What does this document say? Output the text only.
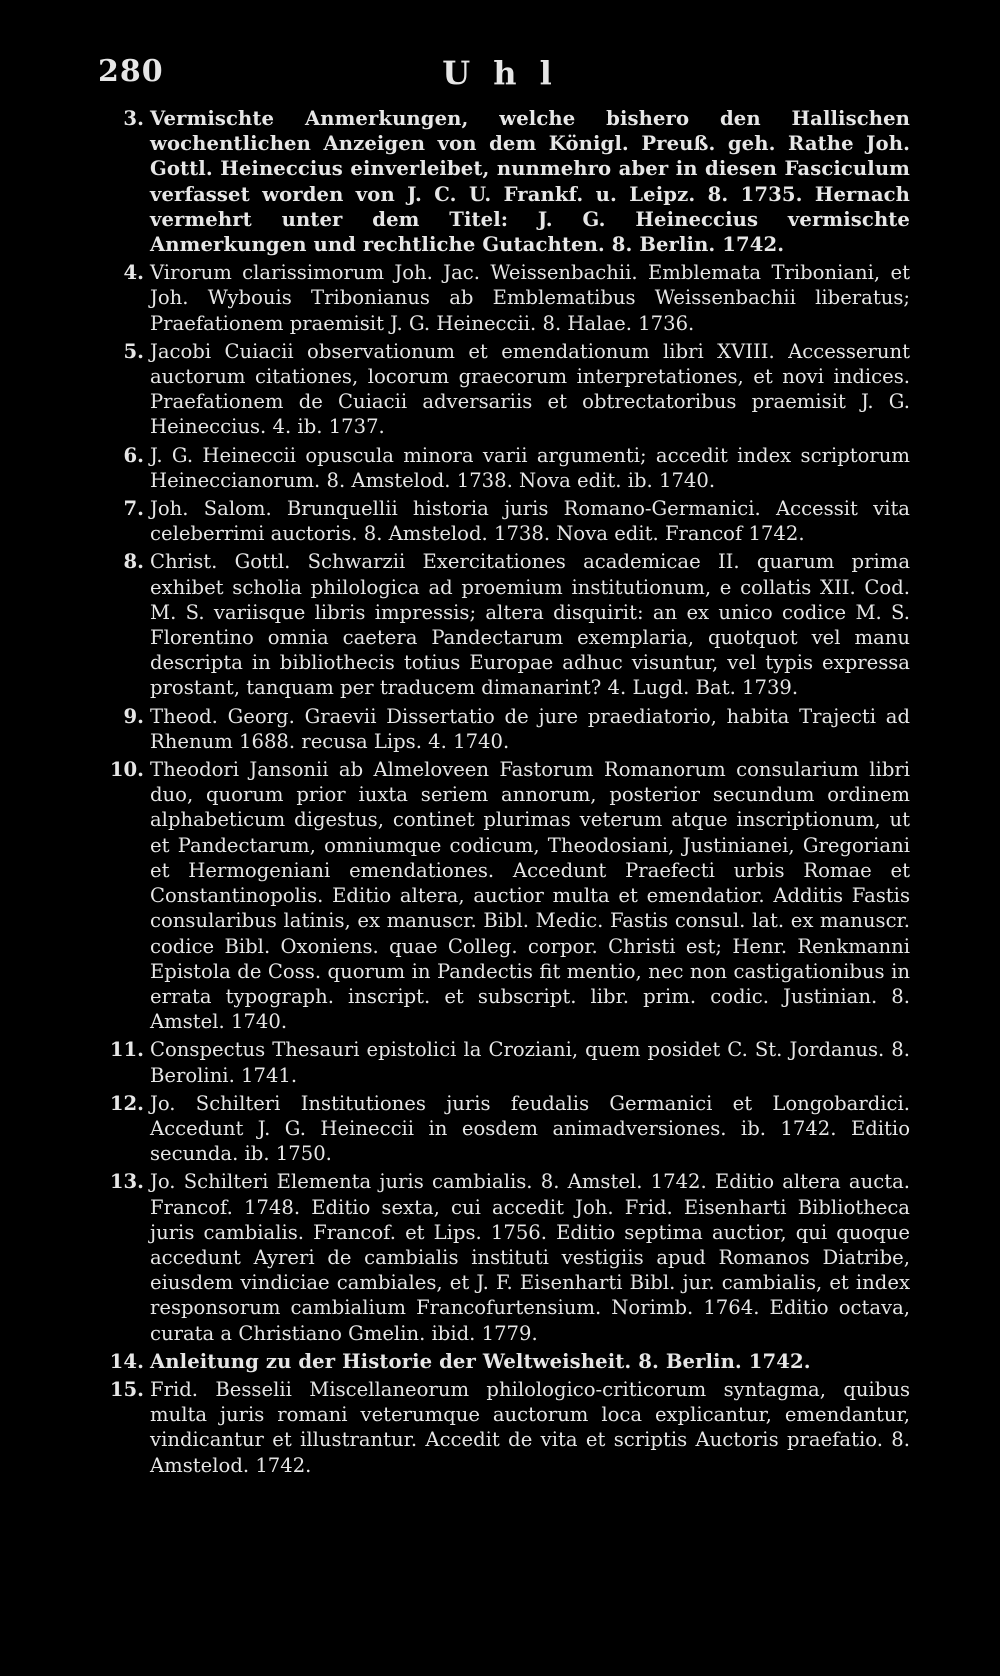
280	U h l
3. Vermischte Anmerkungen, welche bishero den Hallischen wochentlichen Anzeigen von dem Königl. Preuß. geh. Rathe Joh. Gottl. Heineccius einverleibet, nunmehro aber in diesen Fasciculum verfasset worden von J. C. U. Frankf. u. Leipz. 8. 1735. Hernach vermehrt unter dem Titel: J. G. Heineccius vermischte Anmerkungen und rechtliche Gutachten. 8. Berlin. 1742.
4. Virorum clarissimorum Joh. Jac. Weissenbachii. Emblemata Triboniani, et Joh. Wybouis Tribonianus ab Emblematibus Weissenbachii liberatus; Praefationem praemisit J. G. Heineccii. 8. Halae. 1736.
5. Jacobi Cuiacii observationum et emendationum libri XVIII. Accesserunt auctorum citationes, locorum graecorum interpretationes, et novi indices. Praefationem de Cuiacii adversariis et obtrectatoribus praemisit J. G. Heineccius. 4. ib. 1737.
6. J. G. Heineccii opuscula minora varii argumenti; accedit index scriptorum Heineccianorum. 8. Amstelod. 1738. Nova edit. ib. 1740.
7. Joh. Salom. Brunquellii historia juris Romano-Germanici. Accessit vita celeberrimi auctoris. 8. Amstelod. 1738. Nova edit. Francof 1742.
8. Christ. Gottl. Schwarzii Exercitationes academicae II. quarum prima exhibet scholia philologica ad proemium institutionum, e collatis XII. Cod. M. S. variisque libris impressis; altera disquirit: an ex unico codice M. S. Florentino omnia caetera Pandectarum exemplaria, quotquot vel manu descripta in bibliothecis totius Europae adhuc visuntur, vel typis expressa prostant, tanquam per traducem dimanarint? 4. Lugd. Bat. 1739.
9. Theod. Georg. Graevii Dissertatio de jure praediatorio, habita Trajecti ad Rhenum 1688. recusa Lips. 4. 1740.
10. Theodori Jansonii ab Almeloveen Fastorum Romanorum consularium libri duo, quorum prior iuxta seriem annorum, posterior secundum ordinem alphabeticum digestus, continet plurimas veterum atque inscriptionum, ut et Pandectarum, omniumque codicum, Theodosiani, Justinianei, Gregoriani et Hermogeniani emendationes. Accedunt Praefecti urbis Romae et Constantinopolis. Editio altera, auctior multa et emendatior. Additis Fastis consularibus latinis, ex manuscr. Bibl. Medic. Fastis consul. lat. ex manuscr. codice Bibl. Oxoniens. quae Colleg. corpor. Christi est; Henr. Renkmanni Epistola de Coss. quorum in Pandectis fit mentio, nec non castigationibus in errata typograph. inscript. et subscript. libr. prim. codic. Justinian. 8. Amstel. 1740.
11. Conspectus Thesauri epistolici la Croziani, quem posidet C. St. Jordanus. 8. Berolini. 1741.
12. Jo. Schilteri Institutiones juris feudalis Germanici et Longobardici. Accedunt J. G. Heineccii in eosdem animadversiones. ib. 1742. Editio secunda. ib. 1750.
13. Jo. Schilteri Elementa juris cambialis. 8. Amstel. 1742. Editio altera aucta. Francof. 1748. Editio sexta, cui accedit Joh. Frid. Eisenharti Bibliotheca juris cambialis. Francof. et Lips. 1756. Editio septima auctior, qui quoque accedunt Ayreri de cambialis instituti vestigiis apud Romanos Diatribe, eiusdem vindiciae cambiales, et J. F. Eisenharti Bibl. jur. cambialis, et index responsorum cambialium Francofurtensium. Norimb. 1764. Editio octava, curata a Christiano Gmelin. ibid. 1779.
14. Anleitung zu der Historie der Weltweisheit. 8. Berlin. 1742.
15. Frid. Besselii Miscellaneorum philologico-criticorum syntagma, quibus multa juris romani veterumque auctorum loca explicantur, emendantur, vindicantur et illustrantur. Accedit de vita et scriptis Auctoris praefatio. 8. Amstelod. 1742.
